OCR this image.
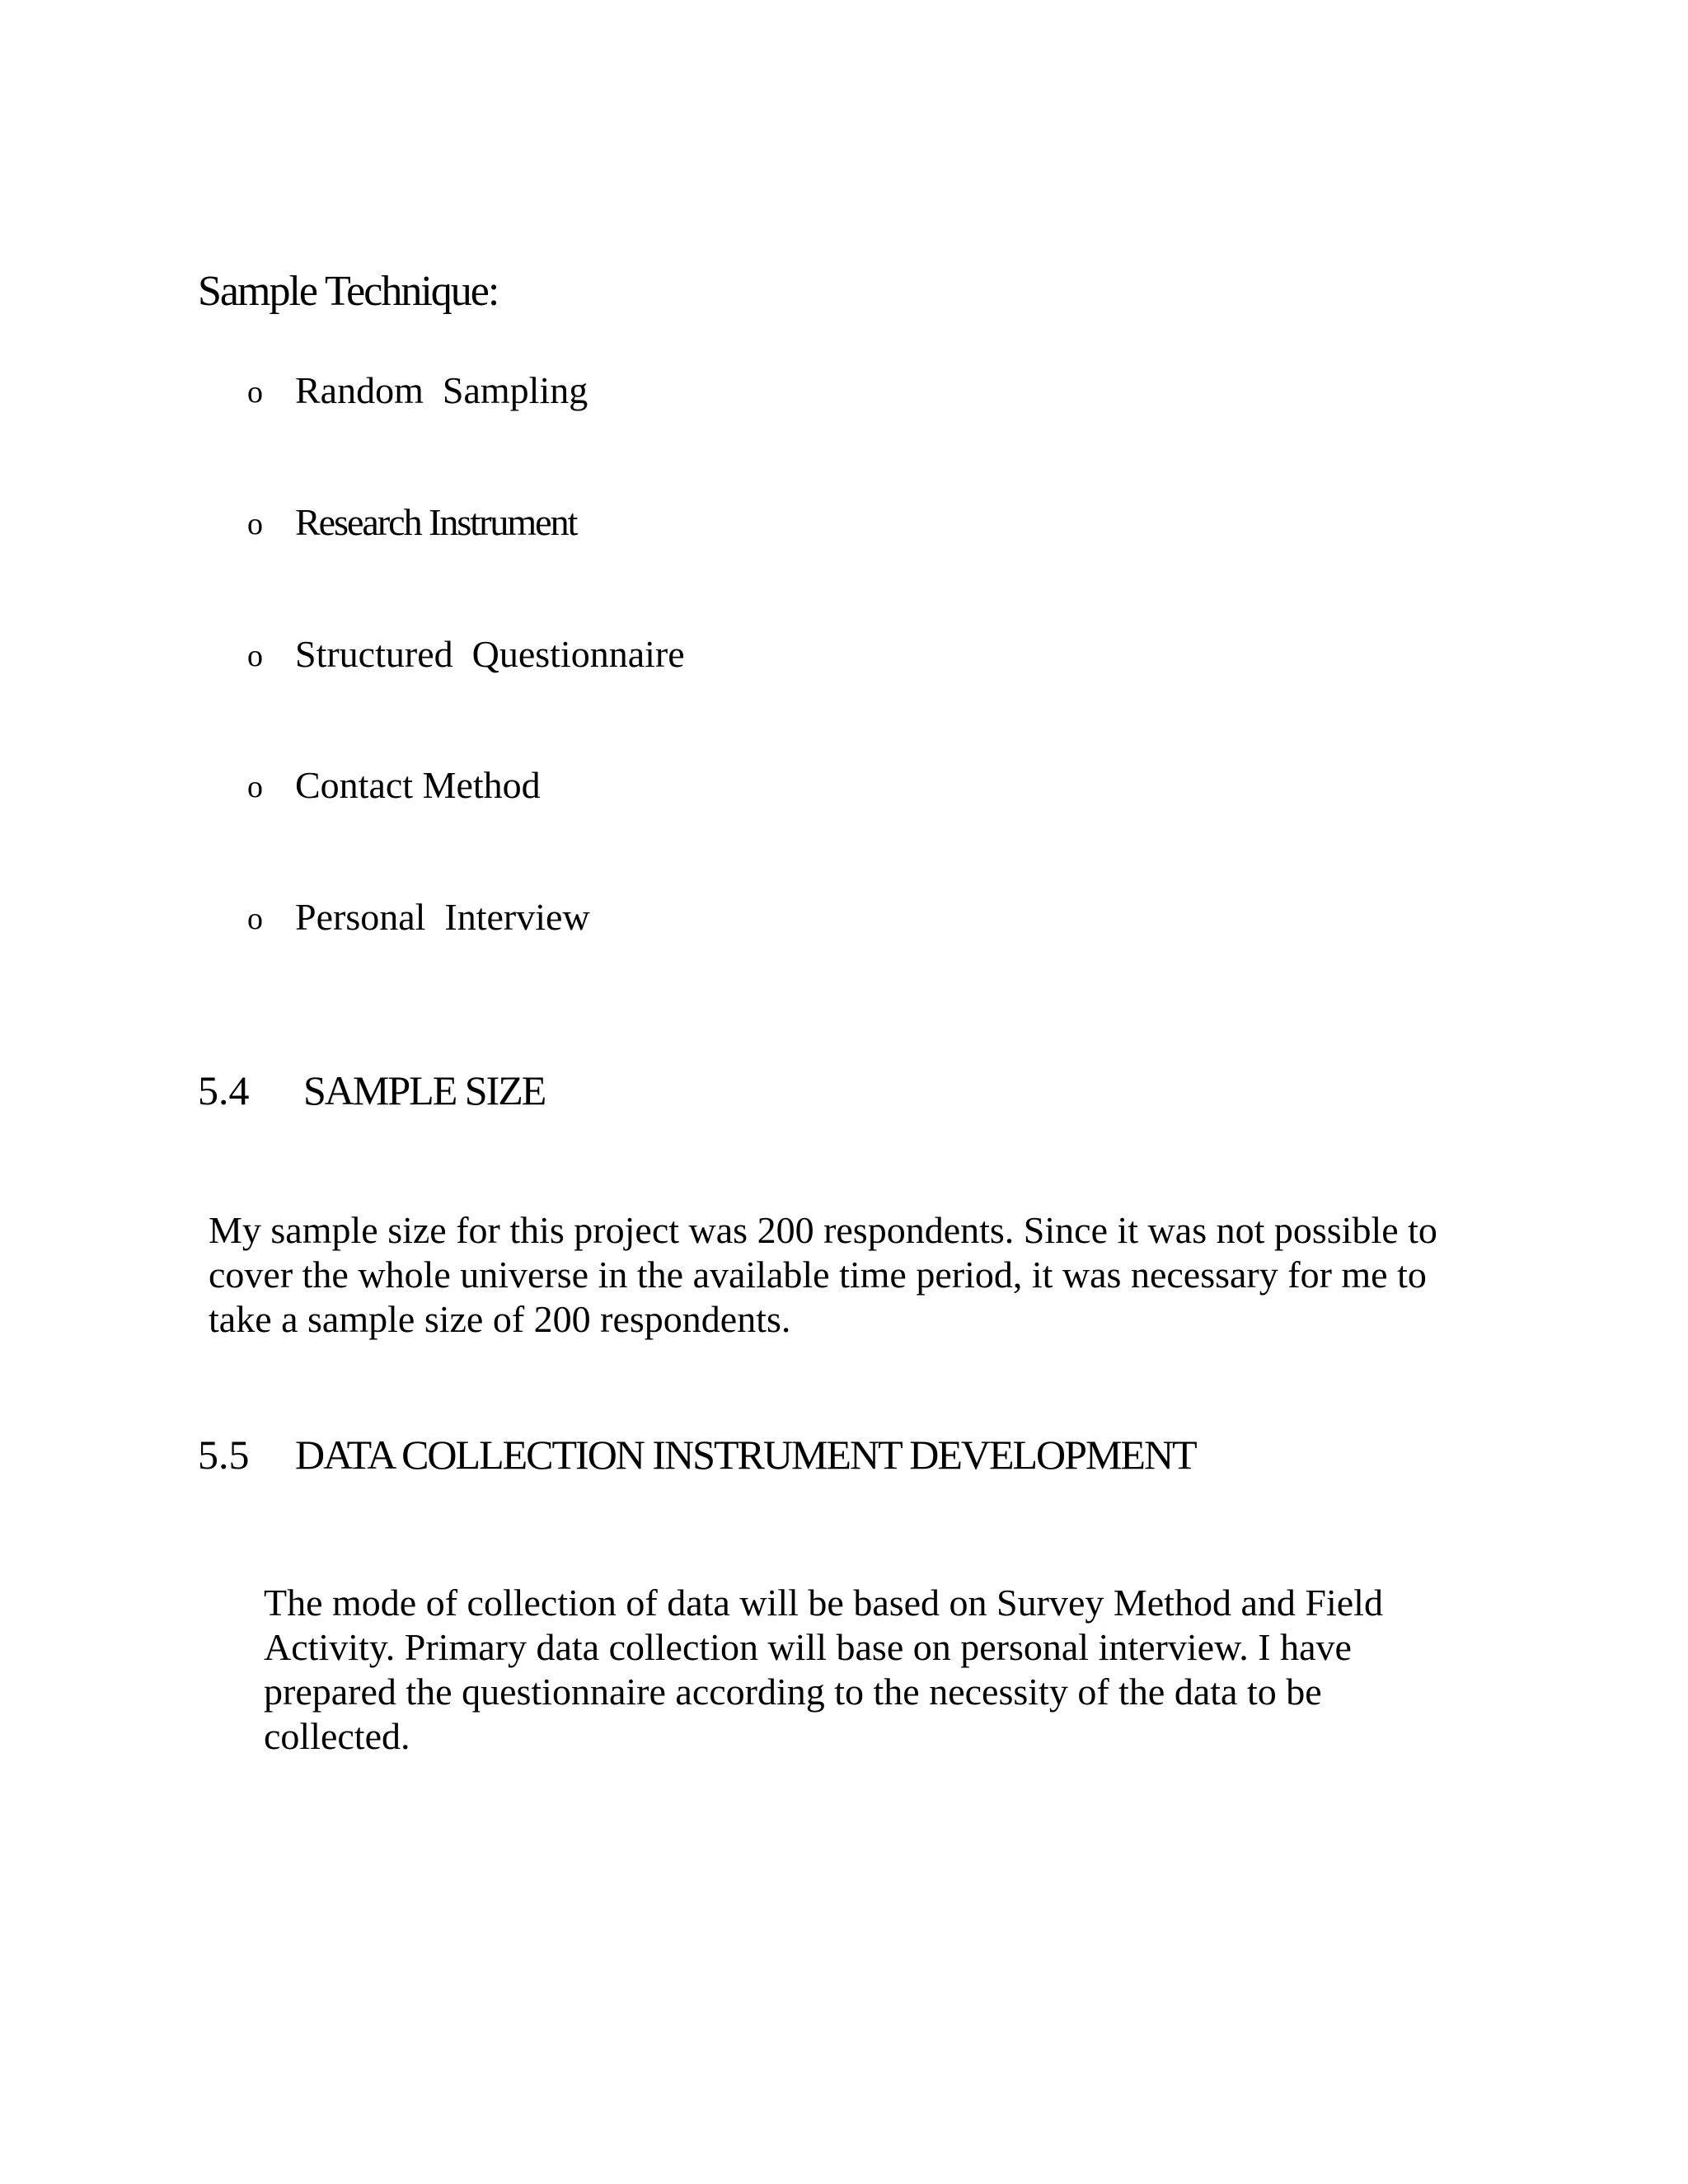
Sample Technique:
o Random  Sampling
o Research Instrument
o Structured  Questionnaire
o Contact Method
o Personal  Interview
5.4 SAMPLE SIZE
My sample size for this project was 200 respondents. Since it was not possible to
cover the whole universe in the available time period, it was necessary for me to
take a sample size of 200 respondents.
5.5 DATA COLLECTION INSTRUMENT DEVELOPMENT
The mode of collection of data will be based on Survey Method and Field
Activity. Primary data collection will base on personal interview. I have
prepared the questionnaire according to the necessity of the data to be
collected.
